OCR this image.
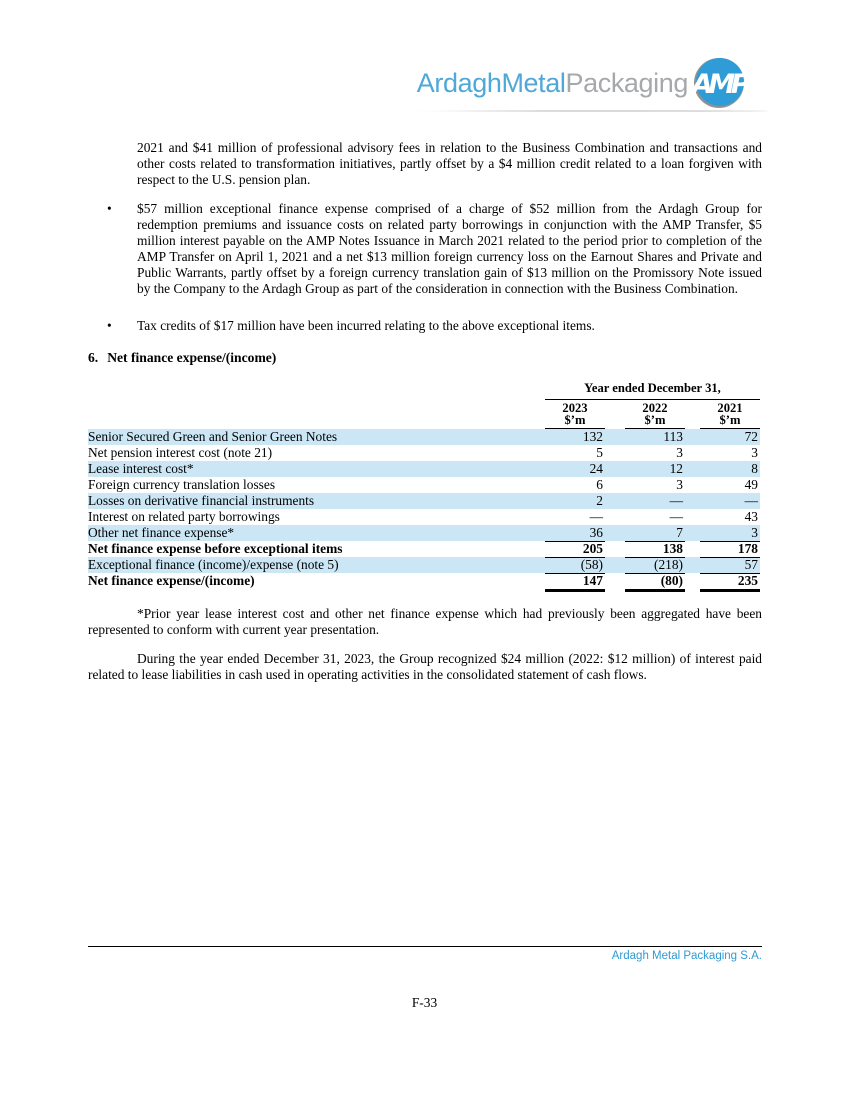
ArdaghMetalPackaging AMP
2021 and $41 million of professional advisory fees in relation to the Business Combination and transactions and other costs related to transformation initiatives, partly offset by a $4 million credit related to a loan forgiven with respect to the U.S. pension plan.
• $57 million exceptional finance expense comprised of a charge of $52 million from the Ardagh Group for redemption premiums and issuance costs on related party borrowings in conjunction with the AMP Transfer, $5 million interest payable on the AMP Notes Issuance in March 2021 related to the period prior to completion of the AMP Transfer on April 1, 2021 and a net $13 million foreign currency loss on the Earnout Shares and Private and Public Warrants, partly offset by a foreign currency translation gain of $13 million on the Promissory Note issued by the Company to the Ardagh Group as part of the consideration in connection with the Business Combination.
• Tax credits of $17 million have been incurred relating to the above exceptional items.
6. Net finance expense/(income)
Year ended December 31,
2023	2022	2021
$’m	$’m	$’m
Senior Secured Green and Senior Green Notes	132	113	72
Net pension interest cost (note 21)	5	3	3
Lease interest cost*	24	12	8
Foreign currency translation losses	6	3	49
Losses on derivative financial instruments	2	—	—
Interest on related party borrowings	—	—	43
Other net finance expense*	36	7	3
Net finance expense before exceptional items	205	138	178
Exceptional finance (income)/expense (note 5)	(58)	(218)	57
Net finance expense/(income)	147	(80)	235
*Prior year lease interest cost and other net finance expense which had previously been aggregated have been represented to conform with current year presentation.
During the year ended December 31, 2023, the Group recognized $24 million (2022: $12 million) of interest paid related to lease liabilities in cash used in operating activities in the consolidated statement of cash flows.
Ardagh Metal Packaging S.A.
F-33
